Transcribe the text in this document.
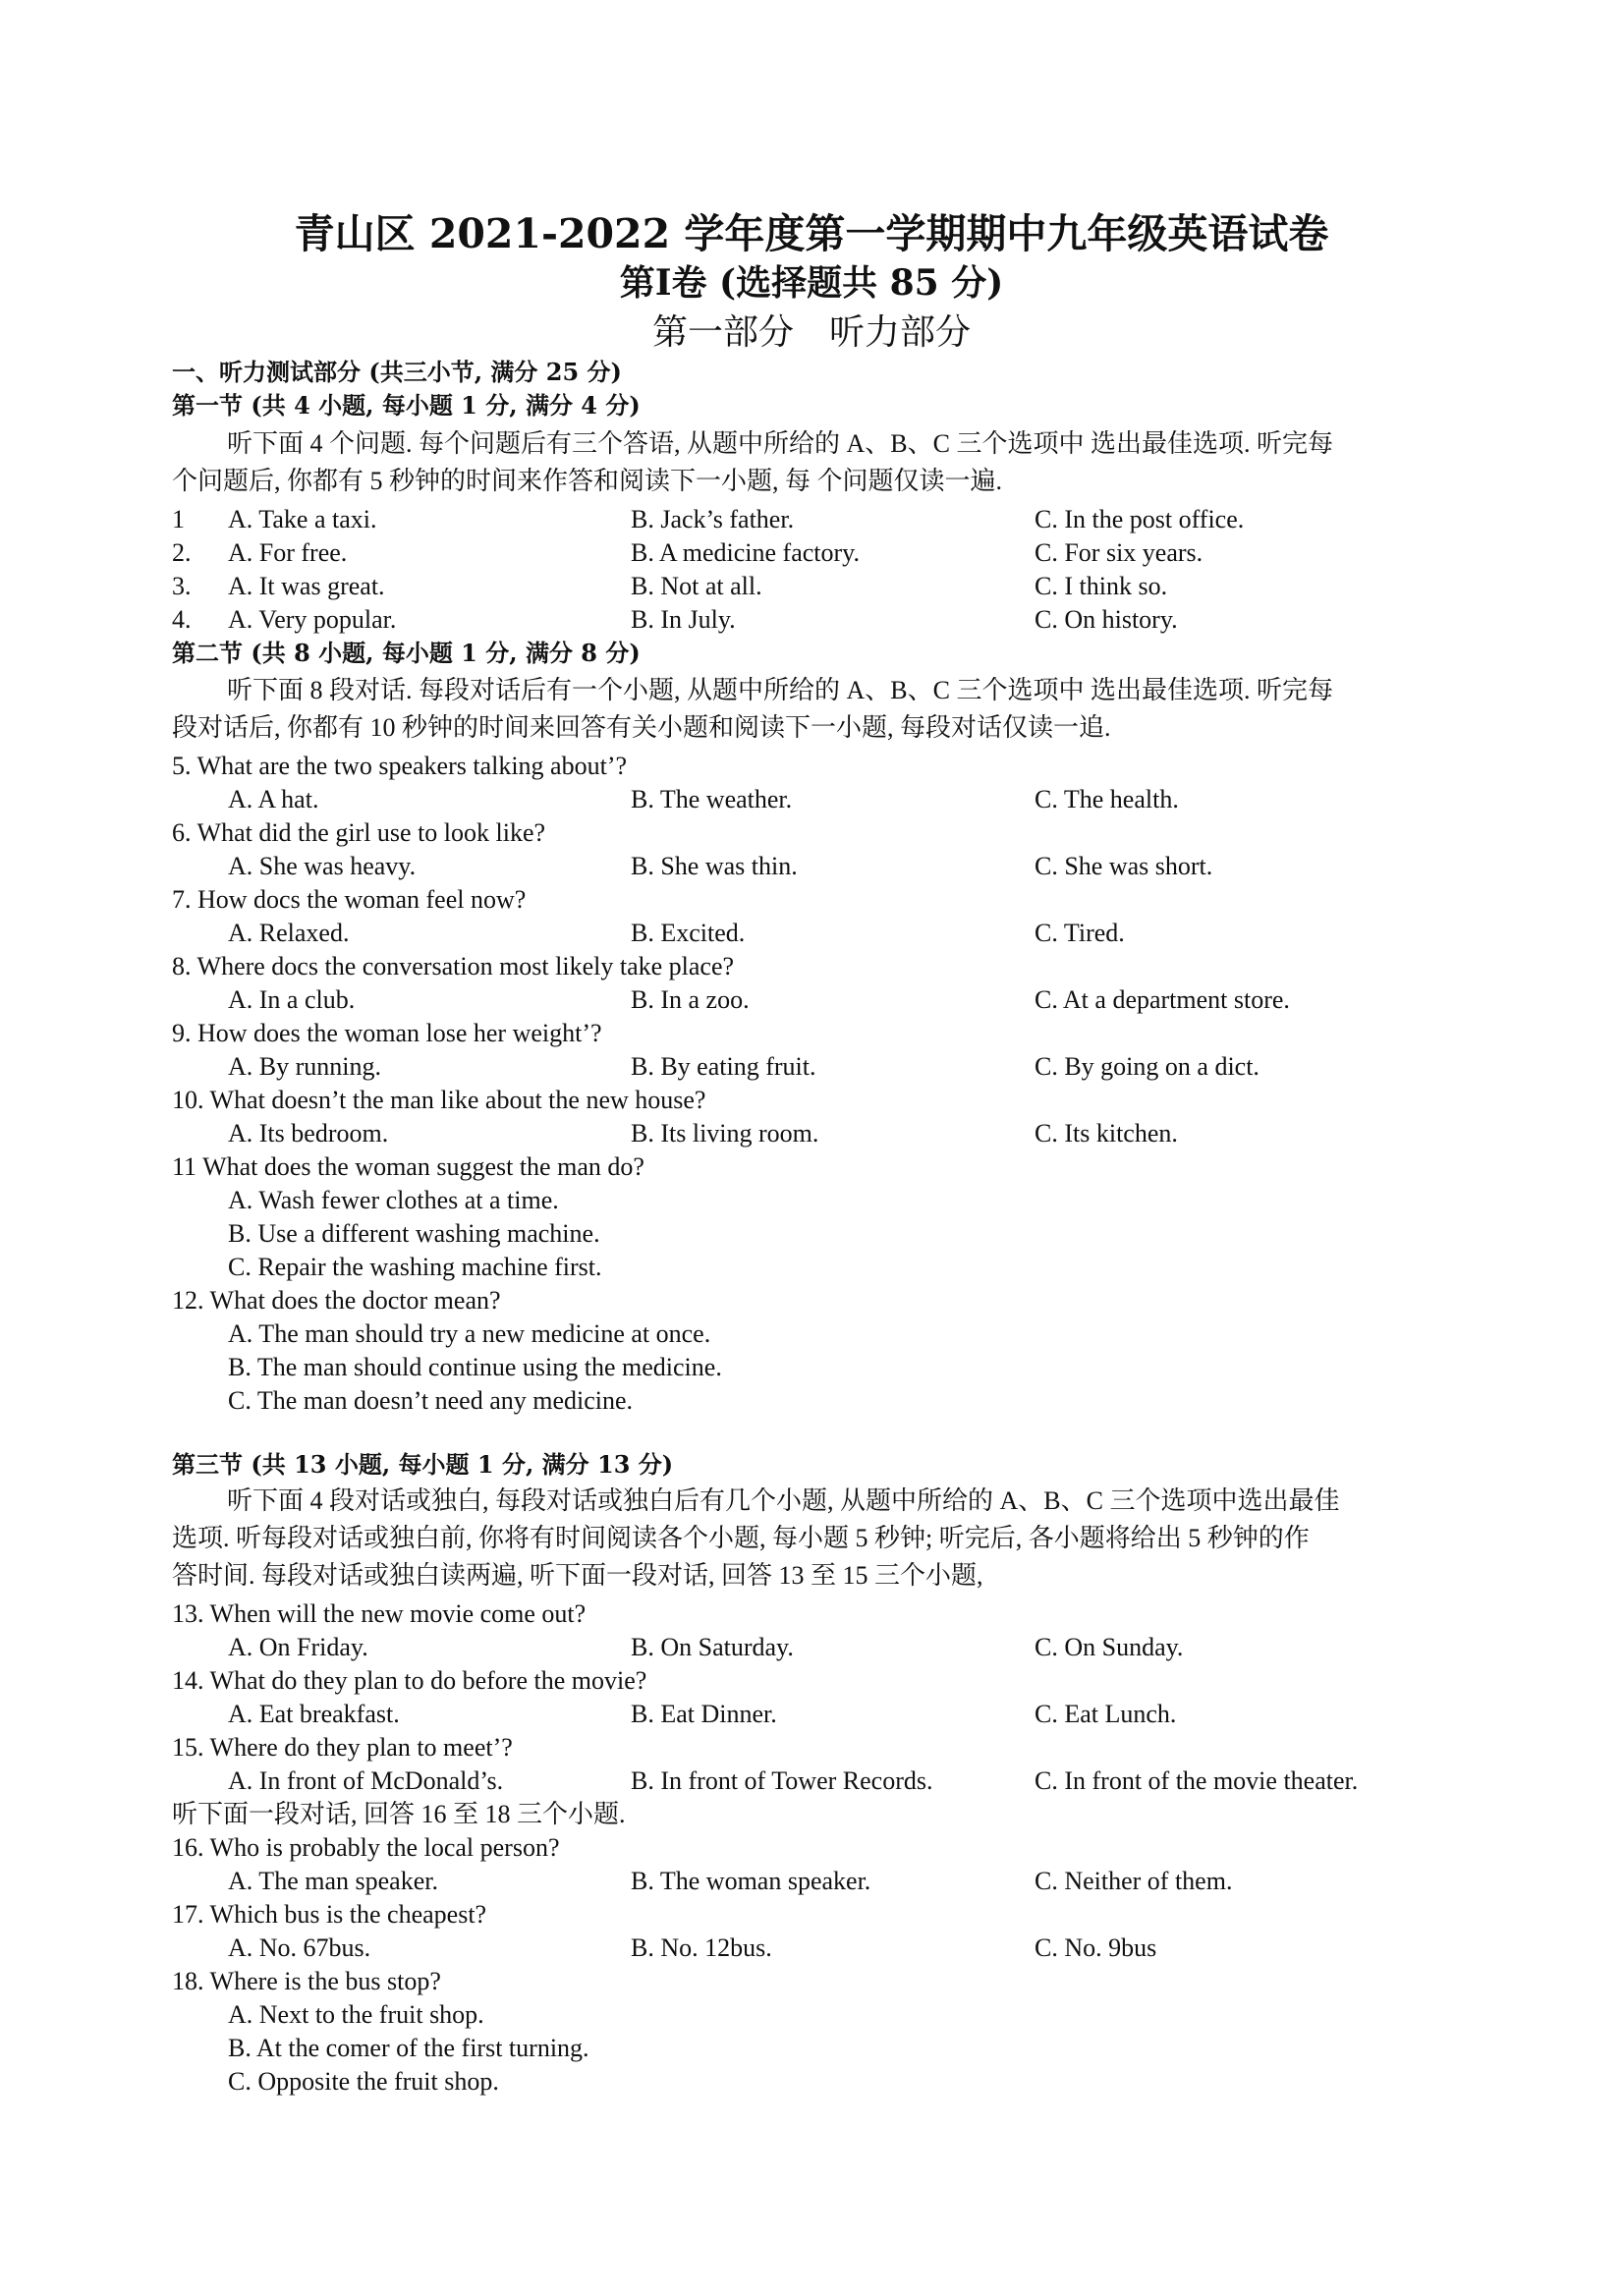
青山区 2021-2022 学年度第一学期期中九年级英语试卷
第Ⅰ卷 (选择题共 85 分)
第一部分　听力部分
一、听力测试部分 (共三小节, 满分 25 分)
第一节 (共 4 小题, 每小题 1 分, 满分 4 分)
听下面 4 个问题. 每个问题后有三个答语, 从题中所给的 A、B、C 三个选项中 选出最佳选项. 听完每
个问题后, 你都有 5 秒钟的时间来作答和阅读下一小题, 每 个问题仅读一遍.
1 A. Take a taxi.	B. Jack’s father.	C. In the post office.
2. A. For free.	B. A medicine factory.	C. For six years.
3. A. It was great.	B. Not at all.	C. I think so.
4. A. Very popular.	B. In July.	C. On history.
第二节 (共 8 小题, 每小题 1 分, 满分 8 分)
听下面 8 段对话. 每段对话后有一个小题, 从题中所给的 A、B、C 三个选项中 选出最佳选项. 听完每
段对话后, 你都有 10 秒钟的时间来回答有关小题和阅读下一小题, 每段对话仅读一追.
5. What are the two speakers talking about’?
A. A hat.	B. The weather.	C. The health.
6. What did the girl use to look like?
A. She was heavy.	B. She was thin.	C. She was short.
7. How docs the woman feel now?
A. Relaxed.	B. Excited.	C. Tired.
8. Where docs the conversation most likely take place?
A. In a club.	B. In a zoo.	C. At a department store.
9. How does the woman lose her weight’?
A. By running.	B. By eating fruit.	C. By going on a dict.
10. What doesn’t the man like about the new house?
A. Its bedroom.	B. Its living room.	C. Its kitchen.
11 What does the woman suggest the man do?
A. Wash fewer clothes at a time.
B. Use a different washing machine.
C. Repair the washing machine first.
12. What does the doctor mean?
A. The man should try a new medicine at once.
B. The man should continue using the medicine.
C. The man doesn’t need any medicine.
第三节 (共 13 小题, 每小题 1 分, 满分 13 分)
听下面 4 段对话或独白, 每段对话或独白后有几个小题, 从题中所给的 A、B、C 三个选项中选出最佳
选项. 听每段对话或独白前, 你将有时间阅读各个小题, 每小题 5 秒钟; 听完后, 各小题将给出 5 秒钟的作
答时间. 每段对话或独白读两遍, 听下面一段对话, 回答 13 至 15 三个小题,
13. When will the new movie come out?
A. On Friday.	B. On Saturday.	C. On Sunday.
14. What do they plan to do before the movie?
A. Eat breakfast.	B. Eat Dinner.	C. Eat Lunch.
15. Where do they plan to meet’?
A. In front of McDonald’s.	B. In front of Tower Records.	C. In front of the movie theater.
听下面一段对话, 回答 16 至 18 三个小题.
16. Who is probably the local person?
A. The man speaker.	B. The woman speaker.	C. Neither of them.
17. Which bus is the cheapest?
A. No. 67bus.	B. No. 12bus.	C. No. 9bus
18. Where is the bus stop?
A. Next to the fruit shop.
B. At the comer of the first turning.
C. Opposite the fruit shop.
